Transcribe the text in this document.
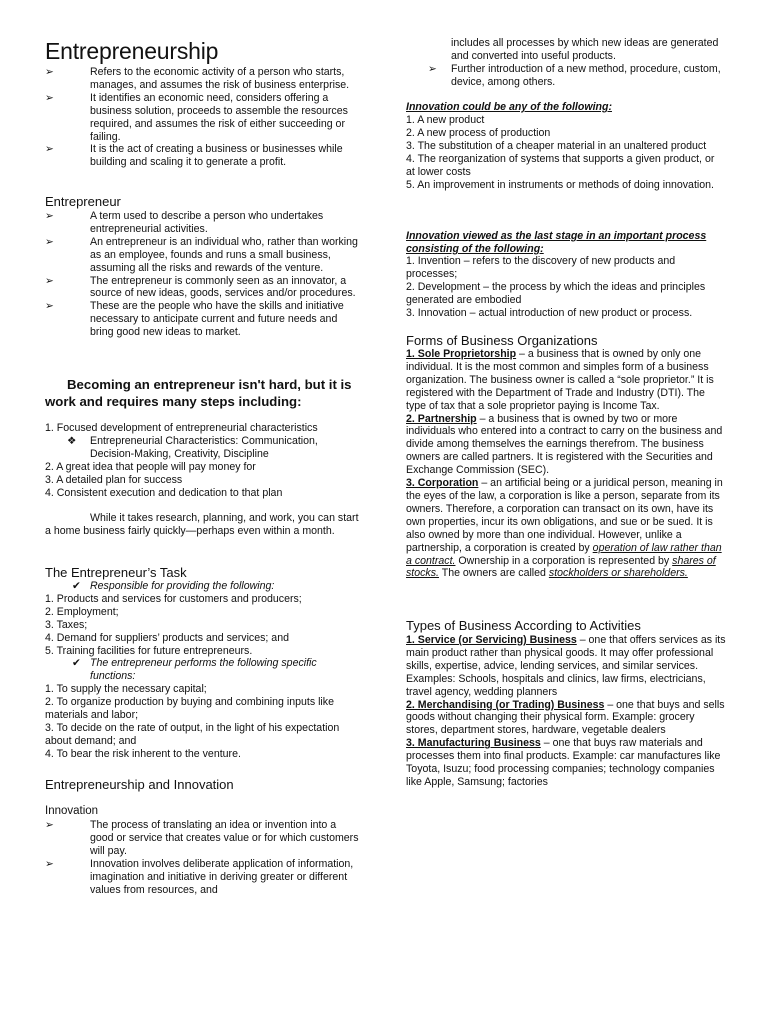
Entrepreneurship
➢	Refers to the economic activity of a person who starts, manages, and assumes the risk of business enterprise.
➢	It identifies an economic need, considers offering a business solution, proceeds to assemble the resources required, and assumes the risk of either succeeding or failing.
➢	It is the act of creating a business or businesses while building and scaling it to generate a profit.
Entrepreneur
➢	A term used to describe a person who undertakes entrepreneurial activities.
➢	An entrepreneur is an individual who, rather than working as an employee, founds and runs a small business, assuming all the risks and rewards of the venture.
➢	The entrepreneur is commonly seen as an innovator, a source of new ideas, goods, services and/or procedures.
➢	These are the people who have the skills and initiative necessary to anticipate current and future needs and bring good new ideas to market.
Becoming an entrepreneur isn't hard, but it is work and requires many steps including:
1. Focused development of entrepreneurial characteristics
❖ Entrepreneurial Characteristics: Communication, Decision-Making, Creativity, Discipline
2. A great idea that people will pay money for
3. A detailed plan for success
4. Consistent execution and dedication to that plan
While it takes research, planning, and work, you can start a home business fairly quickly—perhaps even within a month.
The Entrepreneur’s Task
✔ Responsible for providing the following:
1. Products and services for customers and producers;
2. Employment;
3. Taxes;
4. Demand for suppliers’ products and services; and
5. Training facilities for future entrepreneurs.
✔ The entrepreneur performs the following specific functions:
1. To supply the necessary capital;
2. To organize production by buying and combining inputs like materials and labor;
3. To decide on the rate of output, in the light of his expectation about demand; and
4. To bear the risk inherent to the venture.
Entrepreneurship and Innovation
Innovation
➢	The process of translating an idea or invention into a good or service that creates value or for which customers will pay.
➢	Innovation involves deliberate application of information, imagination and initiative in deriving greater or different values from resources, and
includes all processes by which new ideas are generated and converted into useful products.
➢ Further introduction of a new method, procedure, custom, device, among others.
Innovation could be any of the following:
1. A new product
2. A new process of production
3. The substitution of a cheaper material in an unaltered product
4. The reorganization of systems that supports a given product, or at lower costs
5. An improvement in instruments or methods of doing innovation.
Innovation viewed as the last stage in an important process consisting of the following:
1. Invention – refers to the discovery of new products and processes;
2. Development – the process by which the ideas and principles generated are embodied
3. Innovation – actual introduction of new product or process.
Forms of Business Organizations
1. Sole Proprietorship – a business that is owned by only one individual. It is the most common and simples form of a business organization. The business owner is called a “sole proprietor.” It is registered with the Department of Trade and Industry (DTI). The type of tax that a sole proprietor paying is Income Tax.
2. Partnership – a business that is owned by two or more individuals who entered into a contract to carry on the business and divide among themselves the earnings therefrom. The business owners are called partners. It is registered with the Securities and Exchange Commission (SEC).
3. Corporation – an artificial being or a juridical person, meaning in the eyes of the law, a corporation is like a person, separate from its owners. Therefore, a corporation can transact on its own, have its own properties, incur its own obligations, and sue or be sued. It is also owned by more than one individual. However, unlike a partnership, a corporation is created by operation of law rather than a contract. Ownership in a corporation is represented by shares of stocks. The owners are called stockholders or shareholders.
Types of Business According to Activities
1. Service (or Servicing) Business – one that offers services as its main product rather than physical goods. It may offer professional skills, expertise, advice, lending services, and similar services. Examples: Schools, hospitals and clinics, law firms, electricians, travel agency, wedding planners
2. Merchandising (or Trading) Business – one that buys and sells goods without changing their physical form. Example: grocery stores, department stores, hardware, vegetable dealers
3. Manufacturing Business – one that buys raw materials and processes them into final products. Example: car manufactures like Toyota, Isuzu; food processing companies; technology companies like Apple, Samsung; factories
